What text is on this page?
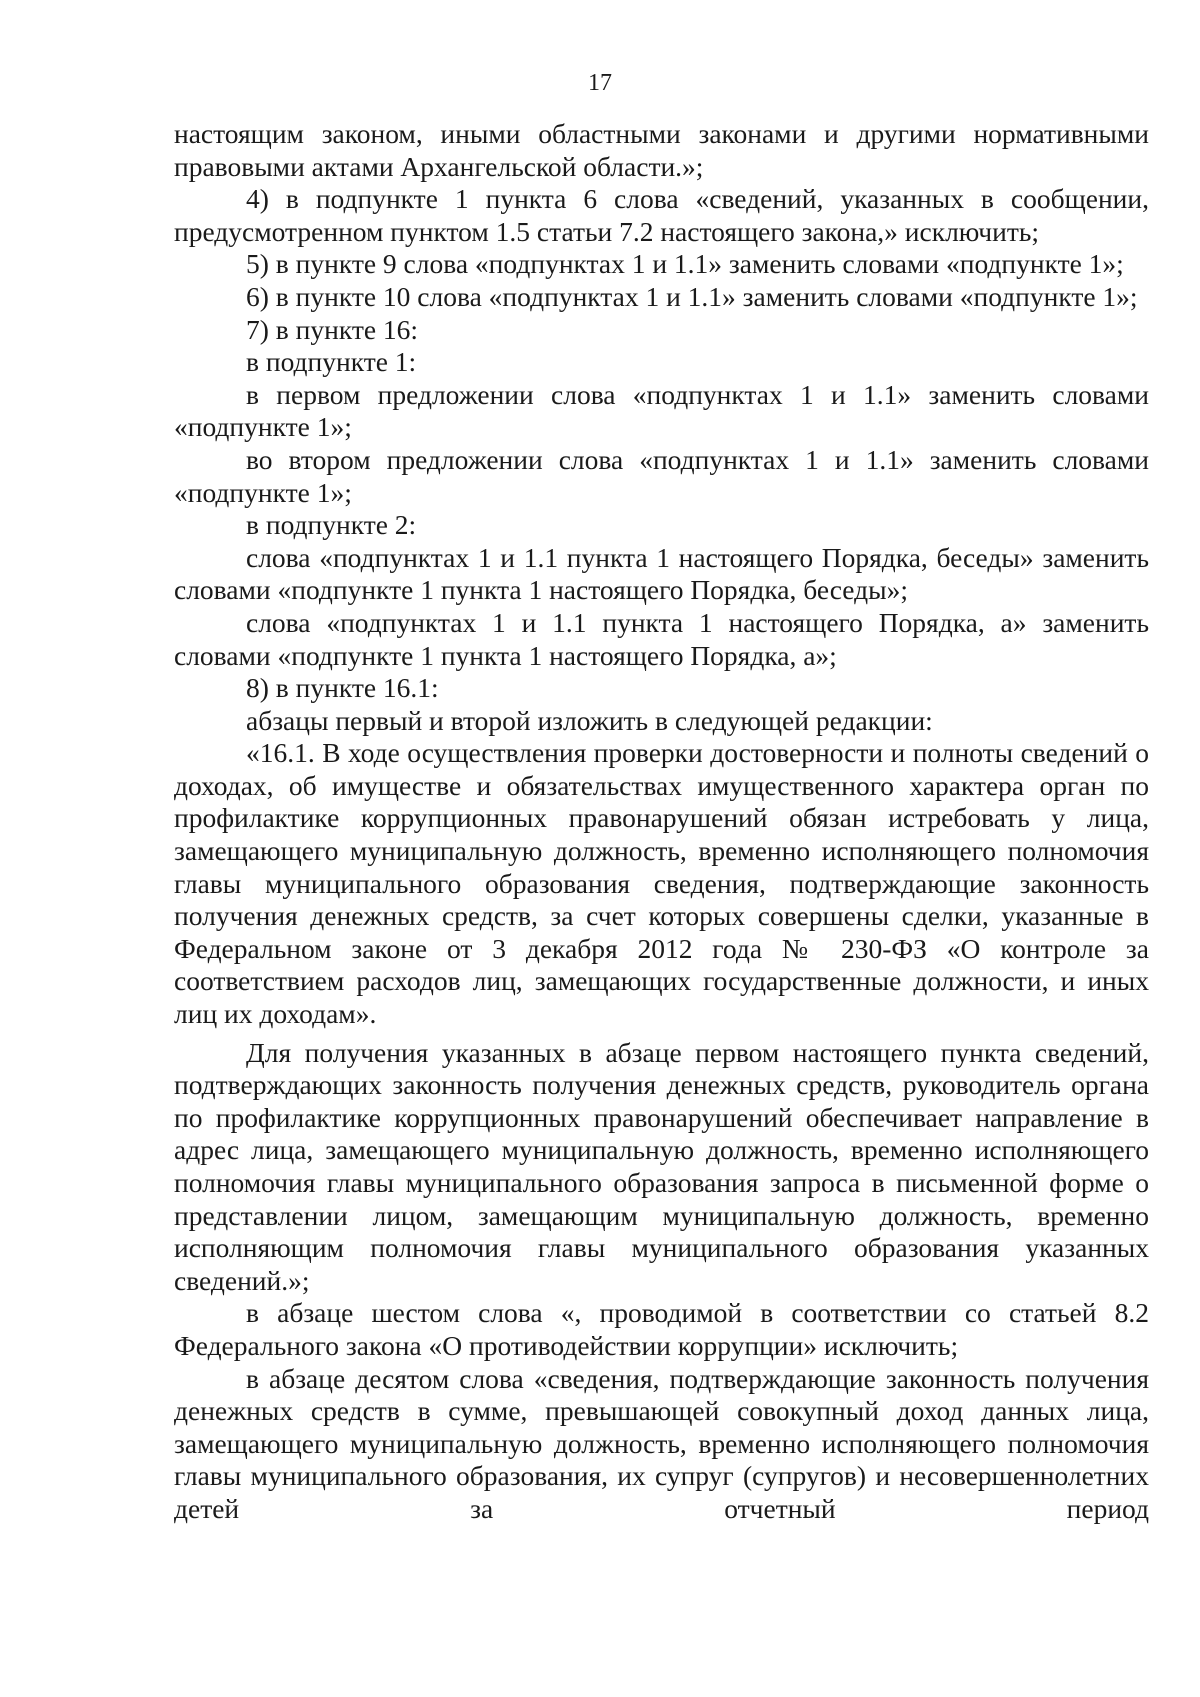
17

настоящим законом, иными областными законами и другими нормативными правовыми актами Архангельской области.»;

4) в подпункте 1 пункта 6 слова «сведений, указанных в сообщении, предусмотренном пунктом 1.5 статьи 7.2 настоящего закона,» исключить;

5) в пункте 9 слова «подпунктах 1 и 1.1» заменить словами «подпункте 1»;

6) в пункте 10 слова «подпунктах 1 и 1.1» заменить словами «подпункте 1»;

7) в пункте 16:

в подпункте 1:

в первом предложении слова «подпунктах 1 и 1.1» заменить словами «подпункте 1»;

во втором предложении слова «подпунктах 1 и 1.1» заменить словами «подпункте 1»;

в подпункте 2:

слова «подпунктах 1 и 1.1 пункта 1 настоящего Порядка, беседы» заменить словами «подпункте 1 пункта 1 настоящего Порядка, беседы»;

слова «подпунктах 1 и 1.1 пункта 1 настоящего Порядка, а» заменить словами «подпункте 1 пункта 1 настоящего Порядка, а»;

8) в пункте 16.1:

абзацы первый и второй изложить в следующей редакции:

«16.1. В ходе осуществления проверки достоверности и полноты сведений о доходах, об имуществе и обязательствах имущественного характера орган по профилактике коррупционных правонарушений обязан истребовать у лица, замещающего муниципальную должность, временно исполняющего полномочия главы муниципального образования сведения, подтверждающие законность получения денежных средств, за счет которых совершены сделки, указанные в Федеральном законе от 3 декабря 2012 года № 230-ФЗ «О контроле за соответствием расходов лиц, замещающих государственные должности, и иных лиц их доходам».

Для получения указанных в абзаце первом настоящего пункта сведений, подтверждающих законность получения денежных средств, руководитель органа по профилактике коррупционных правонарушений обеспечивает направление в адрес лица, замещающего муниципальную должность, временно исполняющего полномочия главы муниципального образования запроса в письменной форме о представлении лицом, замещающим муниципальную должность, временно исполняющим полномочия главы муниципального образования указанных сведений.»;

в абзаце шестом слова «, проводимой в соответствии со статьей 8.2 Федерального закона «О противодействии коррупции» исключить;

в абзаце десятом слова «сведения, подтверждающие законность получения денежных средств в сумме, превышающей совокупный доход данных лица, замещающего муниципальную должность, временно исполняющего полномочия главы муниципального образования, их супруг (супругов) и несовершеннолетних детей за отчетный период
